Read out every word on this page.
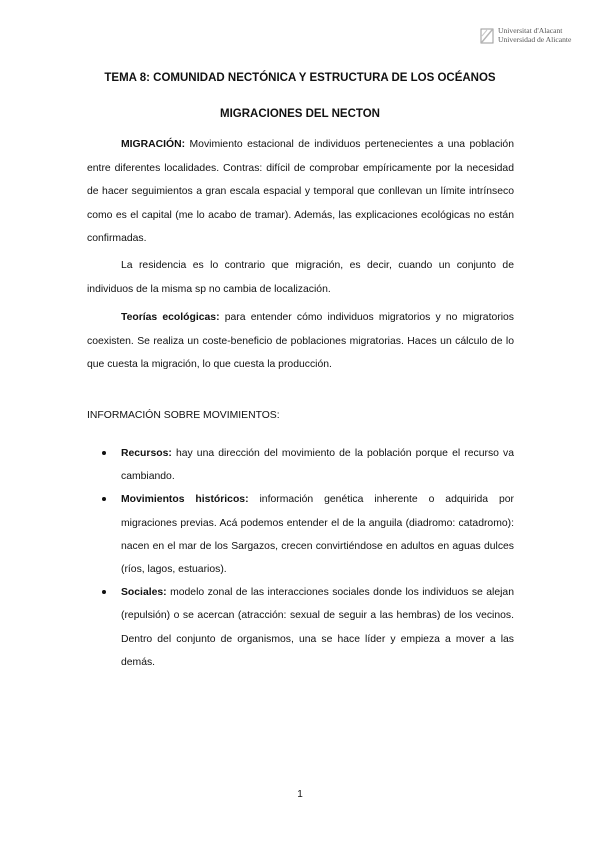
Universitat d'Alacant
Universidad de Alicante
TEMA 8: COMUNIDAD NECTÓNICA Y ESTRUCTURA DE LOS OCÉANOS
MIGRACIONES DEL NECTON

MIGRACIÓN: Movimiento estacional de individuos pertenecientes a una población entre diferentes localidades. Contras: difícil de comprobar empíricamente por la necesidad de hacer seguimientos a gran escala espacial y temporal que conllevan un límite intrínseco como es el capital (me lo acabo de tramar). Además, las explicaciones ecológicas no están confirmadas.

La residencia es lo contrario que migración, es decir, cuando un conjunto de individuos de la misma sp no cambia de localización.

Teorías ecológicas: para entender cómo individuos migratorios y no migratorios coexisten. Se realiza un coste-beneficio de poblaciones migratorias. Haces un cálculo de lo que cuesta la migración, lo que cuesta la producción.

INFORMACIÓN SOBRE MOVIMIENTOS:
Recursos: hay una dirección del movimiento de la población porque el recurso va cambiando.
Movimientos históricos: información genética inherente o adquirida por migraciones previas. Acá podemos entender el de la anguila (diadromo: catadromo): nacen en el mar de los Sargazos, crecen convirtiéndose en adultos en aguas dulces (ríos, lagos, estuarios).
Sociales: modelo zonal de las interacciones sociales donde los individuos se alejan (repulsión) o se acercan (atracción: sexual de seguir a las hembras) de los vecinos. Dentro del conjunto de organismos, una se hace líder y empieza a mover a las demás.
1
